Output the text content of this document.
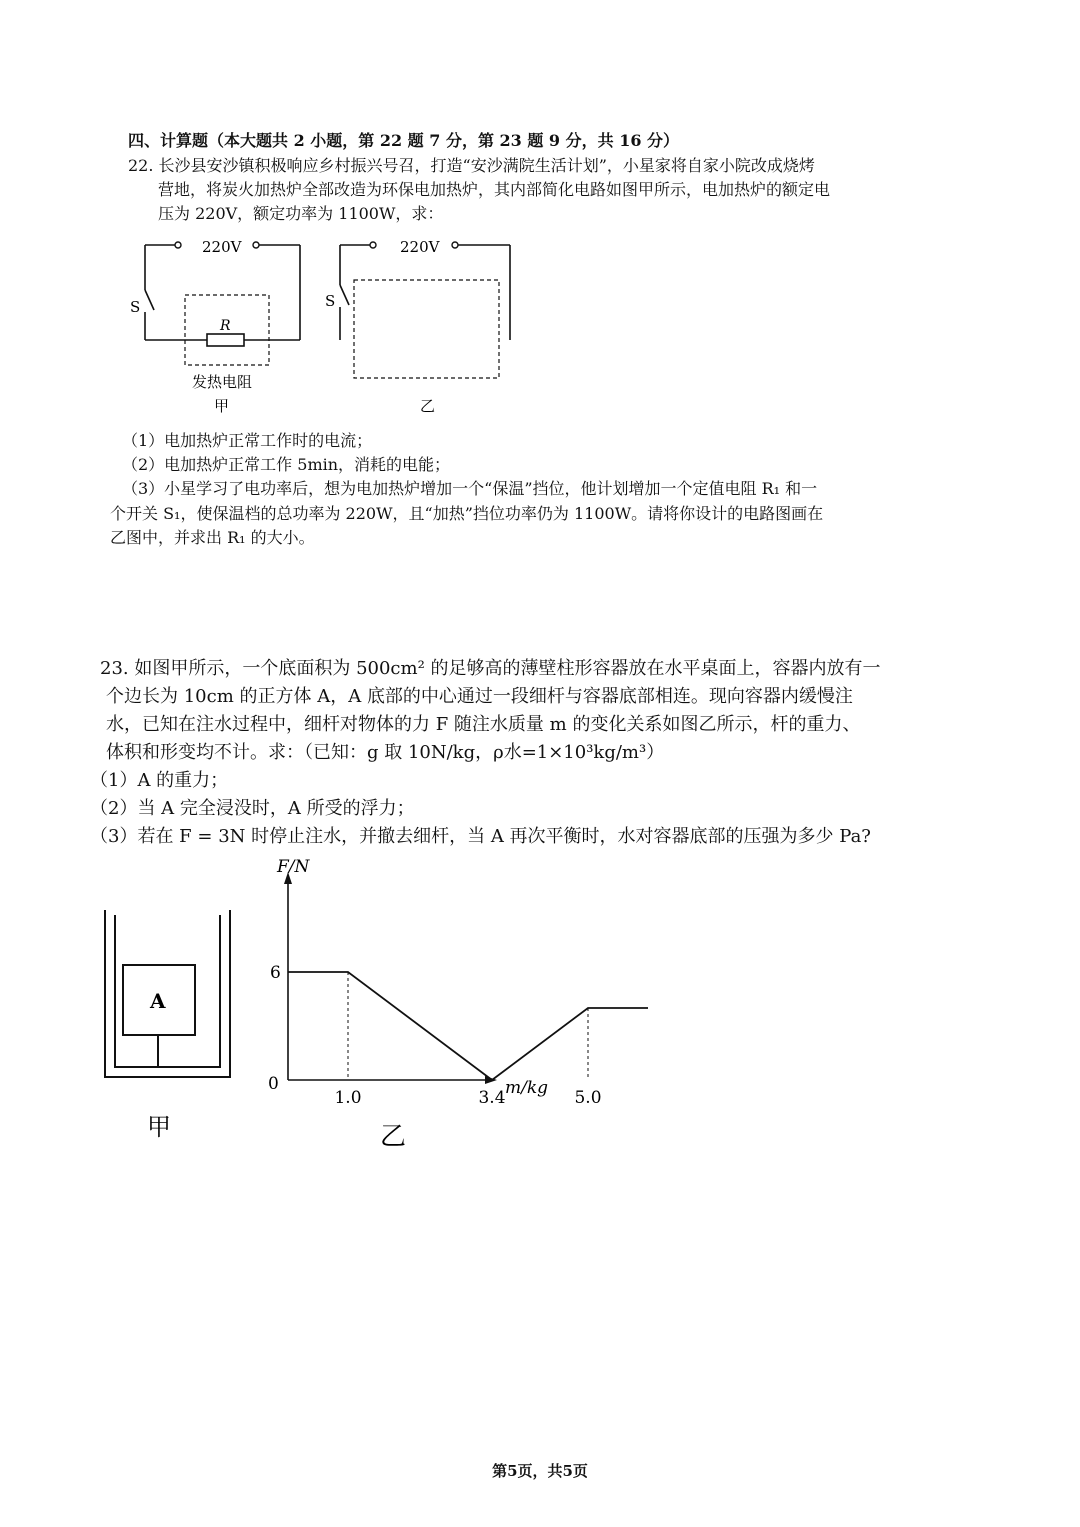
四、计算题（本大题共 2 小题，第 22 题 7 分，第 23 题 9 分，共 16 分）
22. 长沙县安沙镇积极响应乡村振兴号召，打造“安沙满院生活计划”，小星家将自家小院改成烧烤
营地，将炭火加热炉全部改造为环保电加热炉，其内部简化电路如图甲所示，电加热炉的额定电
压为 220V，额定功率为 1100W，求：
220V
S
R
发热电阻
甲
220V
S
乙
（1）电加热炉正常工作时的电流；
（2）电加热炉正常工作 5min，消耗的电能；
（3）小星学习了电功率后，想为电加热炉增加一个“保温”挡位，他计划增加一个定值电阻 R₁ 和一
个开关 S₁，使保温档的总功率为 220W，且“加热”挡位功率仍为 1100W。请将你设计的电路图画在
乙图中，并求出 R₁ 的大小。
23. 如图甲所示，一个底面积为 500cm² 的足够高的薄壁柱形容器放在水平桌面上，容器内放有一
个边长为 10cm 的正方体 A，A 底部的中心通过一段细杆与容器底部相连。现向容器内缓慢注
水，已知在注水过程中，细杆对物体的力 F 随注水质量 m 的变化关系如图乙所示，杆的重力、
体积和形变均不计。求：（已知：g 取 10N/kg，ρ水=1×10³kg/m³）
（1）A 的重力；
（2）当 A 完全浸没时，A 所受的浮力；
（3）若在 F = 3N 时停止注水，并撤去细杆，当 A 再次平衡时，水对容器底部的压强为多少 Pa?
A
甲
F/N
m/kg
0
1.0	3.4	5.0
6
乙
第5页，共5页
